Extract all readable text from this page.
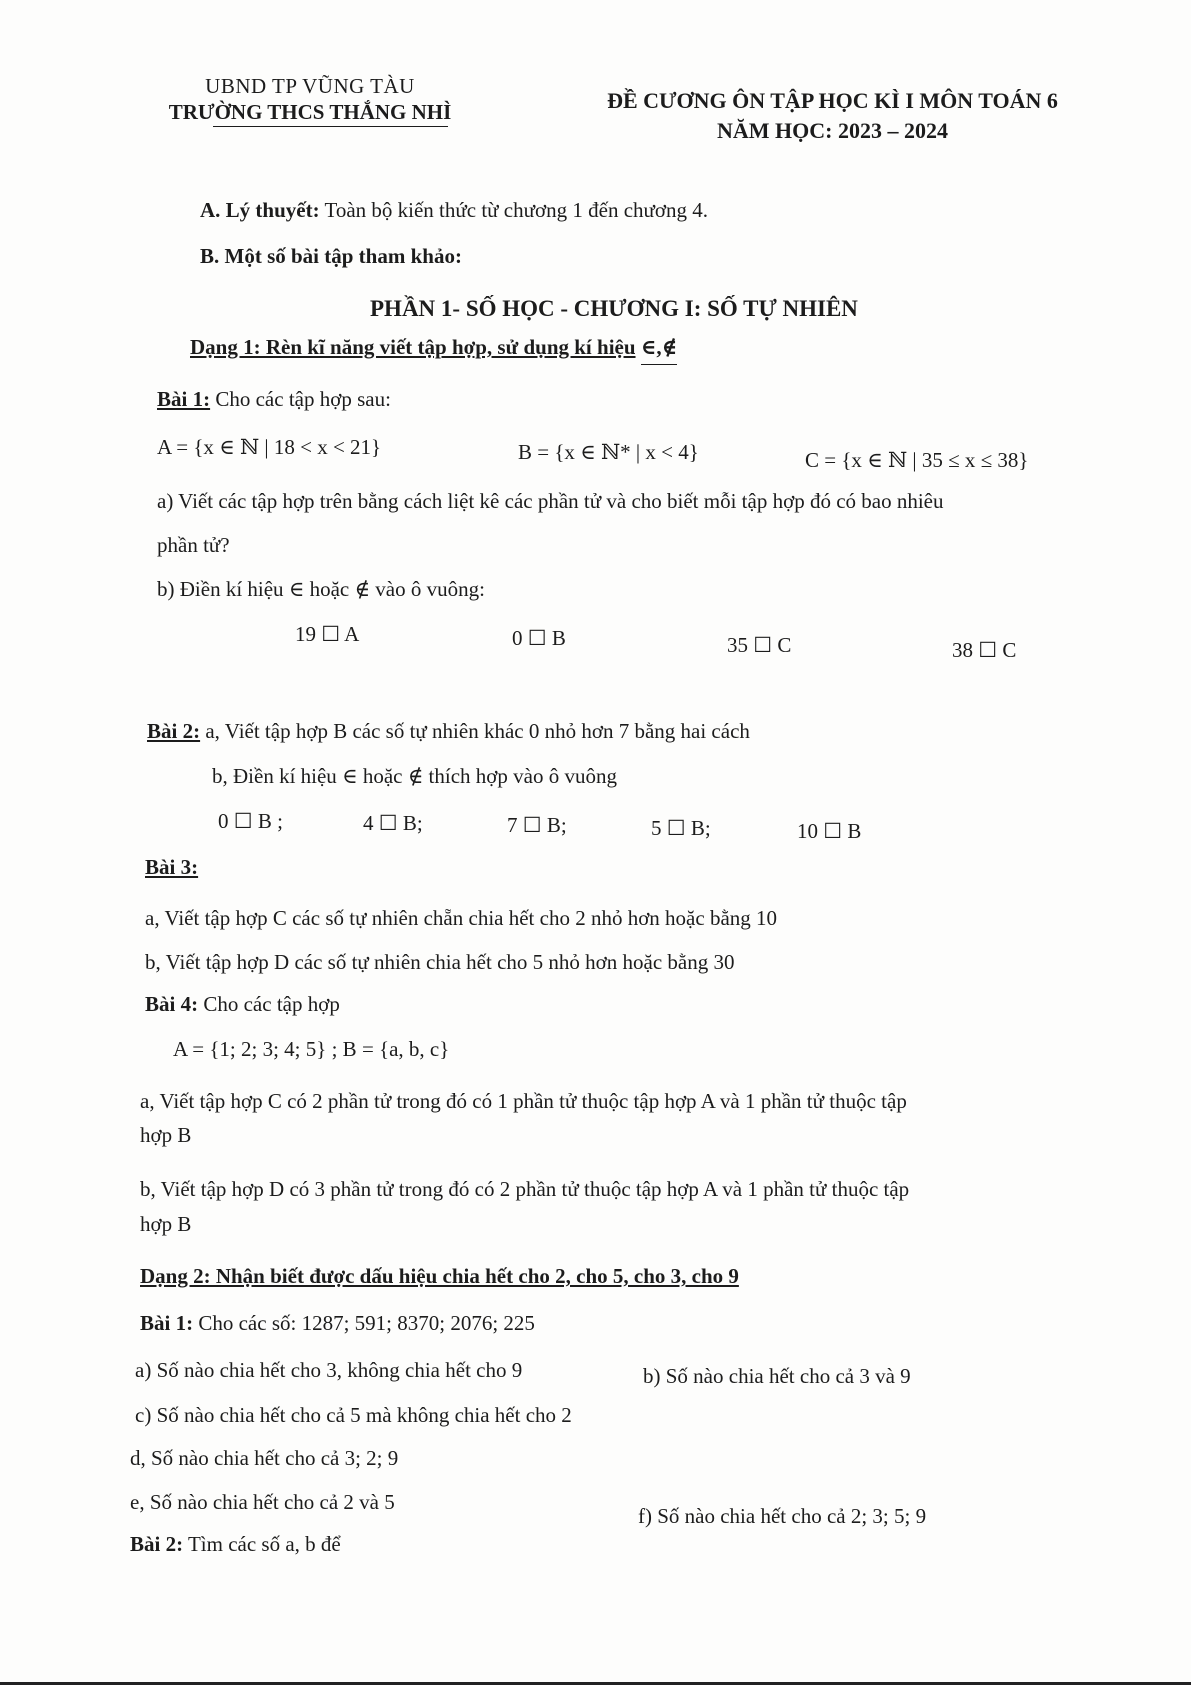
UBND TP VŨNG TÀU
TRƯỜNG THCS THẮNG NHÌ	ĐỀ CƯƠNG ÔN TẬP HỌC KÌ I MÔN TOÁN 6
NĂM HỌC: 2023 – 2024
A. Lý thuyết: Toàn bộ kiến thức từ chương 1 đến chương 4.
B. Một số bài tập tham khảo:
PHẦN 1- SỐ HỌC - CHƯƠNG I: SỐ TỰ NHIÊN
Dạng 1: Rèn kĩ năng viết tập hợp, sử dụng kí hiệu ∈,∉
Bài 1: Cho các tập hợp sau:
A = {x ∈ ℕ | 18 < x < 21}	B = {x ∈ ℕ* | x < 4}	C = {x ∈ ℕ | 35 ≤ x ≤ 38}
a) Viết các tập hợp trên bằng cách liệt kê các phần tử và cho biết mỗi tập hợp đó có bao nhiêu
phần tử?
b) Điền kí hiệu ∈ hoặc ∉ vào ô vuông:
19 ☐ A	0 ☐ B	35 ☐ C	38 ☐ C
Bài 2: a, Viết tập hợp B các số tự nhiên khác 0 nhỏ hơn 7 bằng hai cách
b, Điền kí hiệu ∈ hoặc ∉ thích hợp vào ô vuông
0 ☐ B ;	4 ☐ B;	7 ☐ B;	5 ☐ B;	10 ☐ B
Bài 3:
a, Viết tập hợp C các số tự nhiên chẵn chia hết cho 2 nhỏ hơn hoặc bằng 10
b, Viết tập hợp D các số tự nhiên chia hết cho 5 nhỏ hơn hoặc bằng 30
Bài 4: Cho các tập hợp
A = {1; 2; 3; 4; 5} ; B = {a, b, c}
a, Viết tập hợp C có 2 phần tử trong đó có 1 phần tử thuộc tập hợp A và 1 phần tử thuộc tập
hợp B
b, Viết tập hợp D có 3 phần tử trong đó có 2 phần tử thuộc tập hợp A và 1 phần tử thuộc tập
hợp B
Dạng 2: Nhận biết được dấu hiệu chia hết cho 2, cho 5, cho 3, cho 9
Bài 1: Cho các số: 1287; 591; 8370; 2076; 225
a) Số nào chia hết cho 3, không chia hết cho 9	b) Số nào chia hết cho cả 3 và 9
c) Số nào chia hết cho cả 5 mà không chia hết cho 2
d, Số nào chia hết cho cả 3; 2; 9
e, Số nào chia hết cho cả 2 và 5
f) Số nào chia hết cho cả 2; 3; 5; 9
Bài 2: Tìm các số a, b để
